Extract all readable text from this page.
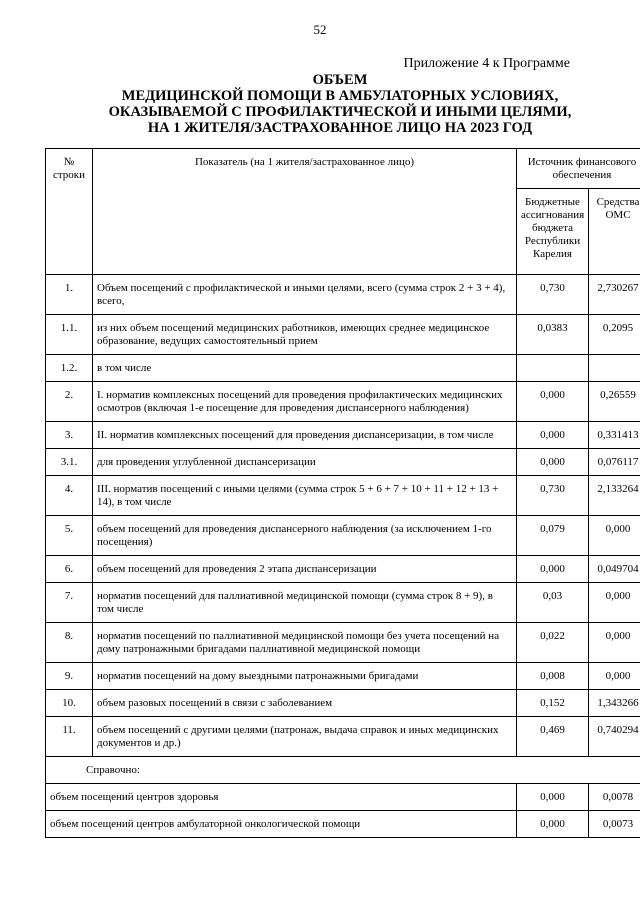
52
Приложение 4 к Программе
ОБЪЕМ
МЕДИЦИНСКОЙ ПОМОЩИ В АМБУЛАТОРНЫХ УСЛОВИЯХ,
ОКАЗЫВАЕМОЙ С ПРОФИЛАКТИЧЕСКОЙ И ИНЫМИ ЦЕЛЯМИ,
НА 1 ЖИТЕЛЯ/ЗАСТРАХОВАННОЕ ЛИЦО НА 2023 ГОД
№ строки	Показатель (на 1 жителя/застрахованное лицо)	Источник финансового обеспечения	
		Бюджетные ассигнования бюджета Республики Карелия	Средства ОМС
1.	Объем посещений с профилактической и иными целями, всего (сумма строк 2 + 3 + 4), всего,	0,730	2,730267
1.1.	из них объем посещений медицинских работников, имеющих среднее медицинское образование, ведущих самостоятельный прием	0,0383	0,2095
1.2.	в том числе		
2.	I. норматив комплексных посещений для проведения профилактических медицинских осмотров (включая 1-е посещение для проведения диспансерного наблюдения)	0,000	0,26559
3.	II. норматив комплексных посещений для проведения диспансеризации, в том числе	0,000	0,331413
3.1.	для проведения углубленной диспансеризации	0,000	0,076117
4.	III. норматив посещений с иными целями (сумма строк 5 + 6 + 7 + 10 + 11 + 12 + 13 + 14), в том числе	0,730	2,133264
5.	объем посещений для проведения диспансерного наблюдения (за исключением 1-го посещения)	0,079	0,000
6.	объем посещений для проведения 2 этапа диспансеризации	0,000	0,049704
7.	норматив посещений для паллиативной медицинской помощи (сумма строк 8 + 9), в том числе	0,03	0,000
8.	норматив посещений по паллиативной медицинской помощи без учета посещений на дому патронажными бригадами паллиативной медицинской помощи	0,022	0,000
9.	норматив посещений на дому выездными патронажными бригадами	0,008	0,000
10.	объем разовых посещений в связи с заболеванием	0,152	1,343266
11.	объем посещений с другими целями (патронаж, выдача справок и иных медицинских документов и др.)	0,469	0,740294
Справочно:			
объем посещений центров здоровья		0,000	0,0078
объем посещений центров амбулаторной онкологической помощи		0,000	0,0073
